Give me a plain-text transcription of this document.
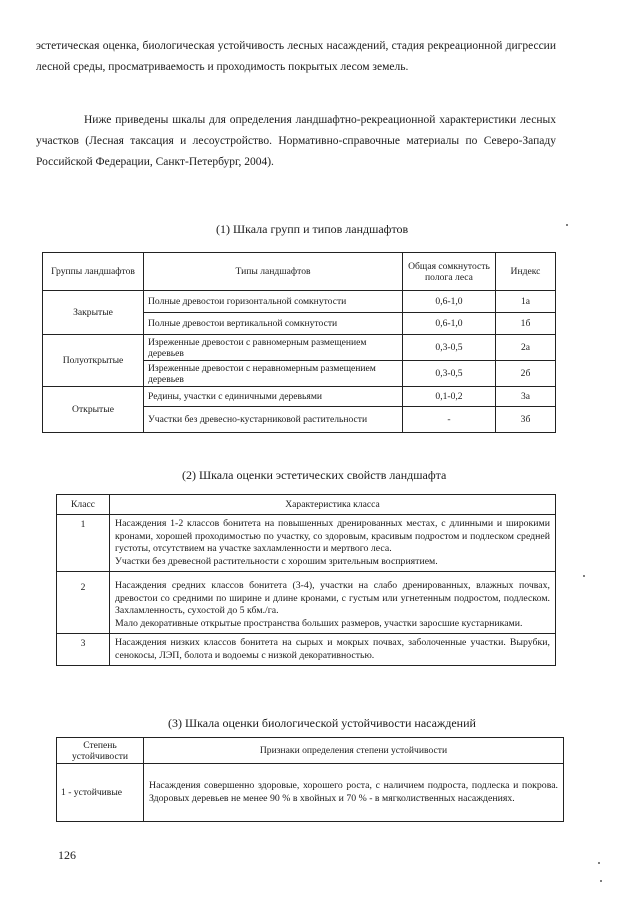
эстетическая оценка, биологическая устойчивость лесных насаждений, стадия рекреационной дигрессии лесной среды, просматриваемость и проходимость покрытых лесом земель.
Ниже приведены шкалы для определения ландшафтно-рекреационной характеристики лесных участков (Лесная таксация и лесоустройство. Нормативно-справочные материалы по Северо-Западу Российской Федерации, Санкт-Петербург, 2004).
(1) Шкала групп и типов ландшафтов
Группы ландшафтов	Типы ландшафтов	Общая сомкнутость полога леса	Индекс
Закрытые	Полные древостои горизонтальной сомкнутости	0,6-1,0	1а
	Полные древостои вертикальной сомкнутости	0,6-1,0	1б
Полуоткрытые	Изреженные древостои с равномерным размещением деревьев	0,3-0,5	2а
	Изреженные древостои с неравномерным размещением деревьев	0,3-0,5	2б
Открытые	Редины, участки с единичными деревьями	0,1-0,2	3а
	Участки без древесно-кустарниковой растительности	-	3б
(2) Шкала оценки эстетических свойств ландшафта
Класс	Характеристика класса
1	Насаждения 1-2 классов бонитета на повышенных дренированных местах, с длинными и широкими кронами, хорошей проходимостью по участку, со здоровым, красивым подростом и подлеском средней густоты, отсутствием на участке захламленности и мертвого леса.
Участки без древесной растительности с хорошим зрительным восприятием.

2	Насаждения средних классов бонитета (3-4), участки на слабо дренированных, влажных почвах, древостои со средними по ширине и длине кронами, с густым или угнетенным подростом, подлеском. Захламленность, сухостой до 5 кбм./га.
Мало декоративные открытые пространства больших размеров, участки заросшие кустарниками.

3	Насаждения низких классов бонитета на сырых и мокрых почвах, заболоченные участки. Вырубки, сенокосы, ЛЭП, болота и водоемы с низкой декоративностью.
(3) Шкала оценки биологической устойчивости насаждений
Степень устойчивости	Признаки определения степени устойчивости
1 - устойчивые	Насаждения совершенно здоровые, хорошего роста, с наличием подроста, подлеска и покрова. Здоровых деревьев не менее 90 % в хвойных и 70 % - в мягколиственных насаждениях.
126
